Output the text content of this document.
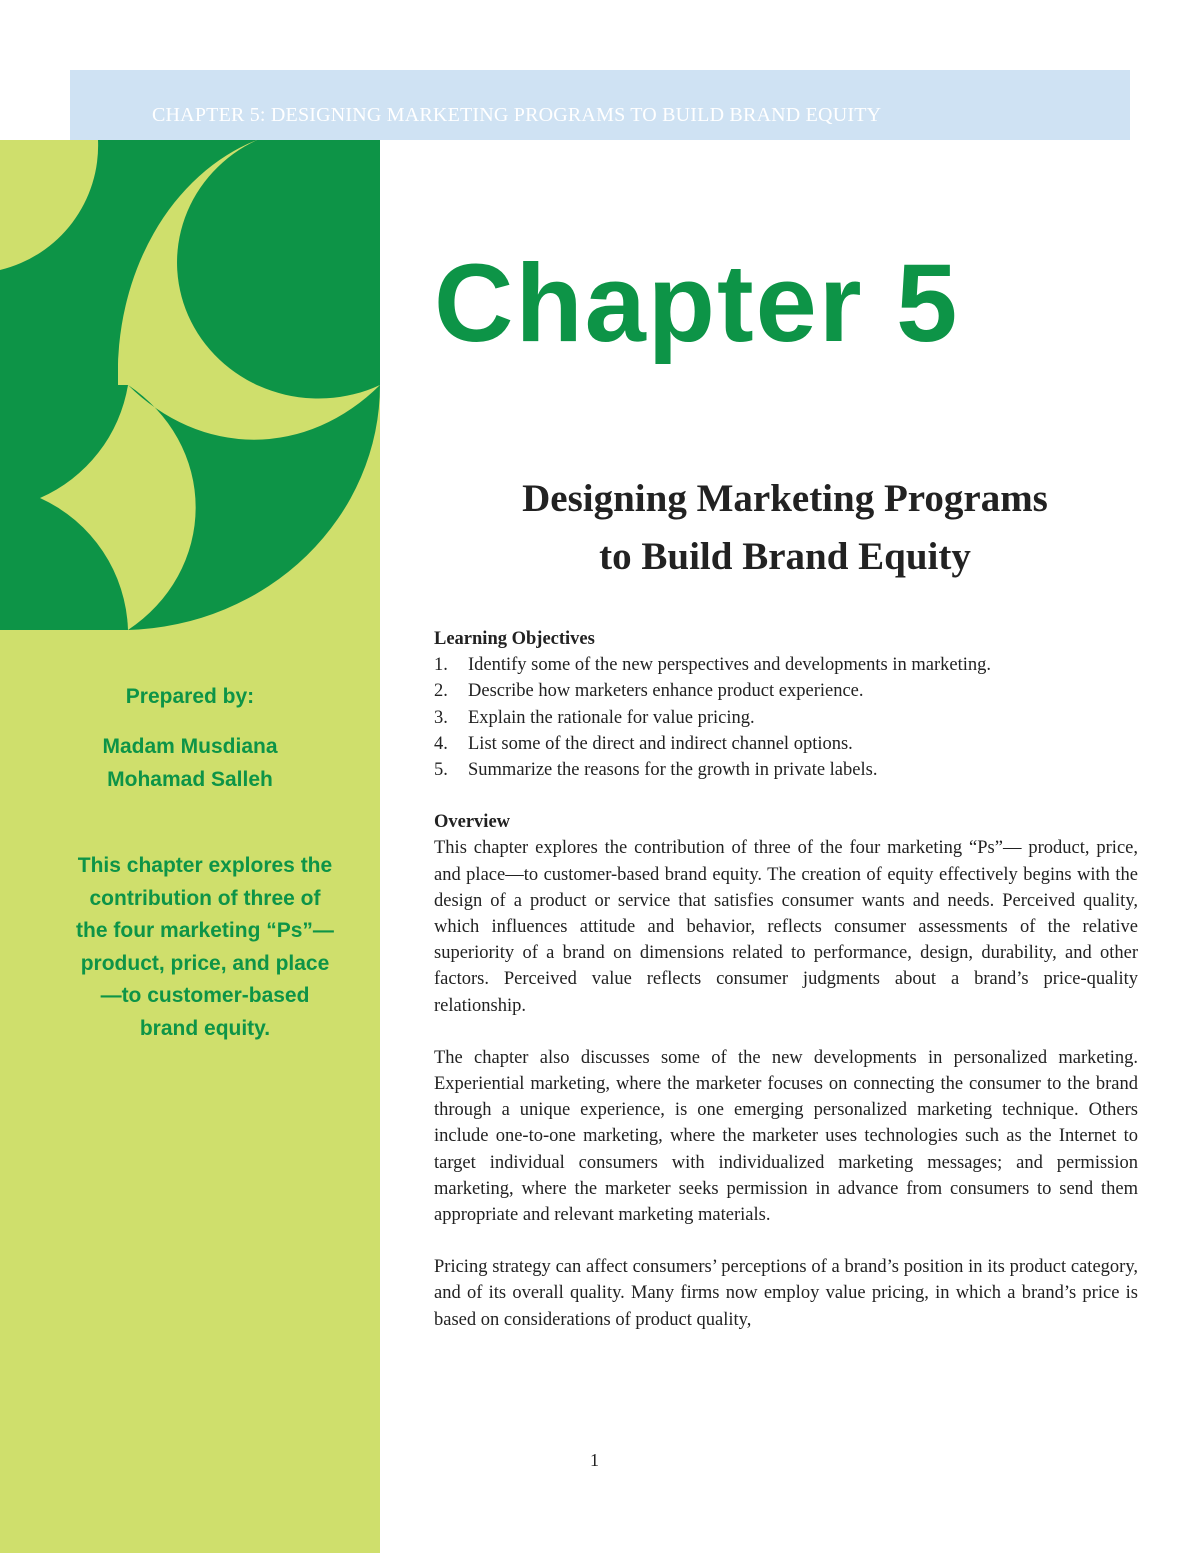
CHAPTER 5: DESIGNING MARKETING PROGRAMS TO BUILD BRAND EQUITY
Prepared by:
Madam Musdiana
Mohamad Salleh
This chapter explores the contribution of three of the four marketing “Ps”— product, price, and place—to customer-based brand equity.
Chapter 5
Designing Marketing Programs
to Build Brand Equity
Learning Objectives
1.	Identify some of the new perspectives and developments in marketing.
2.	Describe how marketers enhance product experience.
3.	Explain the rationale for value pricing.
4.	List some of the direct and indirect channel options.
5.	Summarize the reasons for the growth in private labels.
Overview

This chapter explores the contribution of three of the four marketing “Ps”— product, price, and place—to customer-based brand equity. The creation of equity effectively begins with the design of a product or service that satisfies consumer wants and needs. Perceived quality, which influences attitude and behavior, reflects consumer assessments of the relative superiority of a brand on dimensions related to performance, design, durability, and other factors. Perceived value reflects consumer judgments about a brand’s price-quality relationship.

The chapter also discusses some of the new developments in personalized marketing. Experiential marketing, where the marketer focuses on connecting the consumer to the brand through a unique experience, is one emerging personalized marketing technique. Others include one-to-one marketing, where the marketer uses technologies such as the Internet to target individual consumers with individualized marketing messages; and permission marketing, where the marketer seeks permission in advance from consumers to send them appropriate and relevant marketing materials.

Pricing strategy can affect consumers’ perceptions of a brand’s position in its product category, and of its overall quality. Many firms now employ value pricing, in which a brand’s price is based on considerations of product quality,

1
